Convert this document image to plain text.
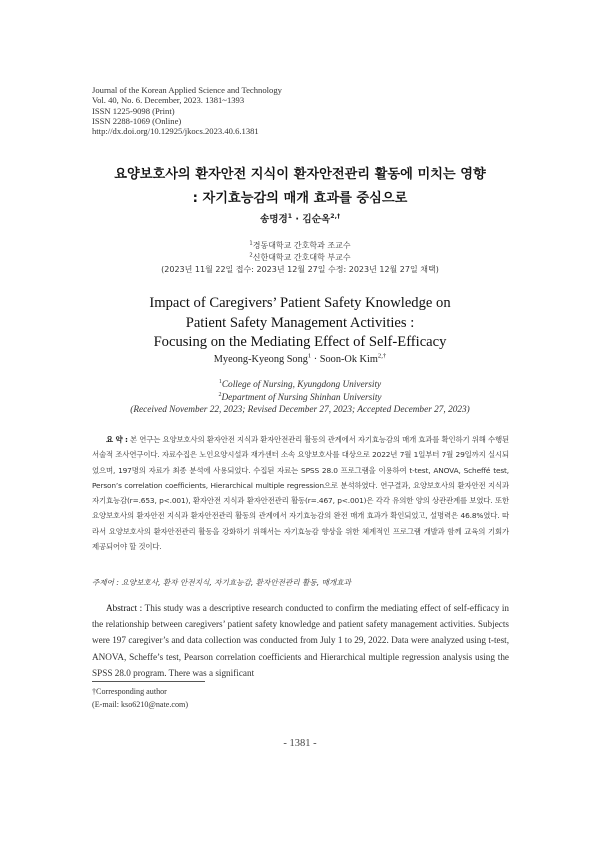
Journal of the Korean Applied Science and Technology
Vol. 40, No. 6. December, 2023. 1381~1393
ISSN 1225-9098 (Print)
ISSN 2288-1069 (Online)
http://dx.doi.org/10.12925/jkocs.2023.40.6.1381
요양보호사의 환자안전 지식이 환자안전관리 활동에 미치는 영향
: 자기효능감의 매개 효과를 중심으로
송명경$^1$ · 김순옥$^{2,\dagger}$
$^1$경동대학교 간호학과 조교수
$^2$신한대학교 간호대학 부교수
(2023년 11월 22일 접수: 2023년 12월 27일 수정: 2023년 12월 27일 채택)
Impact of Caregivers’ Patient Safety Knowledge on
Patient Safety Management Activities :
Focusing on the Mediating Effect of Self-Efficacy
Myeong-Kyeong Song$^1$ · Soon-Ok Kim$^{2,\dagger}$
$^1$College of Nursing, Kyungdong University
$^2$Department of Nursing Shinhan University
(Received November 22, 2023; Revised December 27, 2023; Accepted December 27, 2023)
요 약 : 본 연구는 요양보호사의 환자안전 지식과 환자안전관리 활동의 관계에서 자기효능감의 매개 효과를 확인하기 위해 수행된 서술적 조사연구이다. 자료수집은 노인요양시설과 재가센터 소속 요양보호사를 대상으로 2022년 7월 1일부터 7월 29일까지 실시되었으며, 197명의 자료가 최종 분석에 사용되었다. 수집된 자료는 SPSS 28.0 프로그램을 이용하여 t-test, ANOVA, Scheffé test, Person’s correlation coefficients, Hierarchical multiple regression으로 분석하였다. 연구결과, 요양보호사의 환자안전 지식과 자기효능감(r=.653, p<.001), 환자안전 지식과 환자안전관리 활동(r=.467, p<.001)은 각각 유의한 양의 상관관계를 보였다. 또한 요양보호사의 환자안전 지식과 환자안전관리 활동의 관계에서 자기효능감의 완전 매개 효과가 확인되었고, 설명력은 46.8%였다. 따라서 요양보호사의 환자안전관리 활동을 강화하기 위해서는 자기효능감 향상을 위한 체계적인 프로그램 개발과 함께 교육의 기회가 제공되어야 할 것이다.
주제어 : 요양보호사, 환자 안전지식, 자기효능감, 환자안전관리 활동, 매개효과
Abstract : This study was a descriptive research conducted to confirm the mediating effect of self-efficacy in the relationship between caregivers’ patient safety knowledge and patient safety management activities. Subjects were 197 caregiver’s and data collection was conducted from July 1 to 29, 2022. Data were analyzed using t-test, ANOVA, Scheffe’s test, Pearson correlation coefficients and Hierarchical multiple regression analysis using the SPSS 28.0 program. There was a significant
†Corresponding author
(E-mail: kso6210@nate.com)
- 1381 -
